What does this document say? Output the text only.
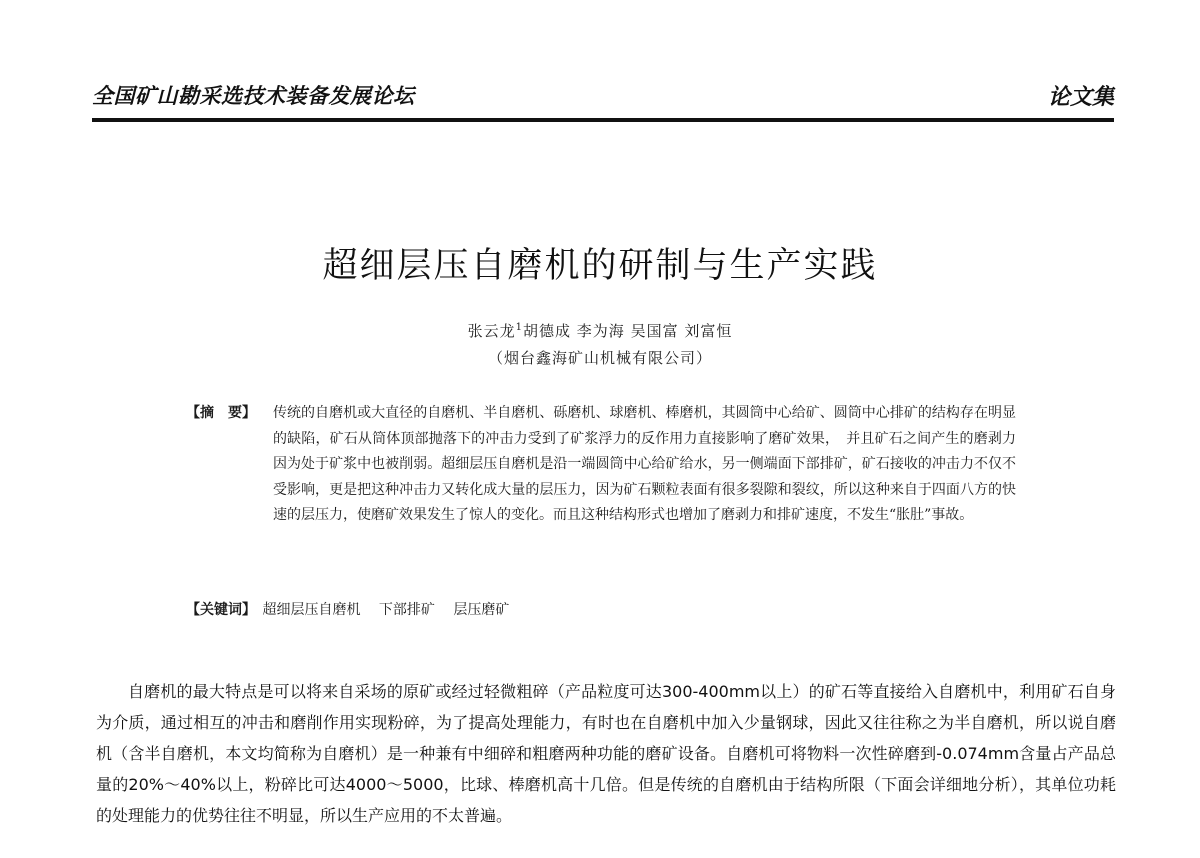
全国矿山勘采选技术装备发展论坛	论文集
超细层压自磨机的研制与生产实践
张云龙$^1$胡德成 李为海 吴国富 刘富恒
（烟台鑫海矿山机械有限公司）
【摘　要】	传统的自磨机或大直径的自磨机、半自磨机、砾磨机、球磨机、棒磨机，其圆筒中心给矿、圆筒中心排矿的结构存在明显的缺陷，矿石从筒体顶部抛落下的冲击力受到了矿浆浮力的反作用力直接影响了磨矿效果，　并且矿石之间产生的磨剥力因为处于矿浆中也被削弱。超细层压自磨机是沿一端圆筒中心给矿给水，另一侧端面下部排矿，矿石接收的冲击力不仅不受影响，更是把这种冲击力又转化成大量的层压力，因为矿石颗粒表面有很多裂隙和裂纹，所以这种来自于四面八方的快速的层压力，使磨矿效果发生了惊人的变化。而且这种结构形式也增加了磨剥力和排矿速度，不发生“胀肚”事故。
【关键词】 超细层压自磨机 下部排矿 层压磨矿
自磨机的最大特点是可以将来自采场的原矿或经过轻微粗碎（产品粒度可达300-400mm以上）的矿石等直接给入自磨机中，利用矿石自身为介质，通过相互的冲击和磨削作用实现粉碎，为了提高处理能力，有时也在自磨机中加入少量钢球，因此又往往称之为半自磨机，所以说自磨机（含半自磨机，本文均简称为自磨机）是一种兼有中细碎和粗磨两种功能的磨矿设备。自磨机可将物料一次性碎磨到-0.074mm含量占产品总量的20%～40%以上，粉碎比可达4000～5000，比球、棒磨机高十几倍。但是传统的自磨机由于结构所限（下面会详细地分析），其单位功耗的处理能力的优势往往不明显，所以生产应用的不太普遍。
